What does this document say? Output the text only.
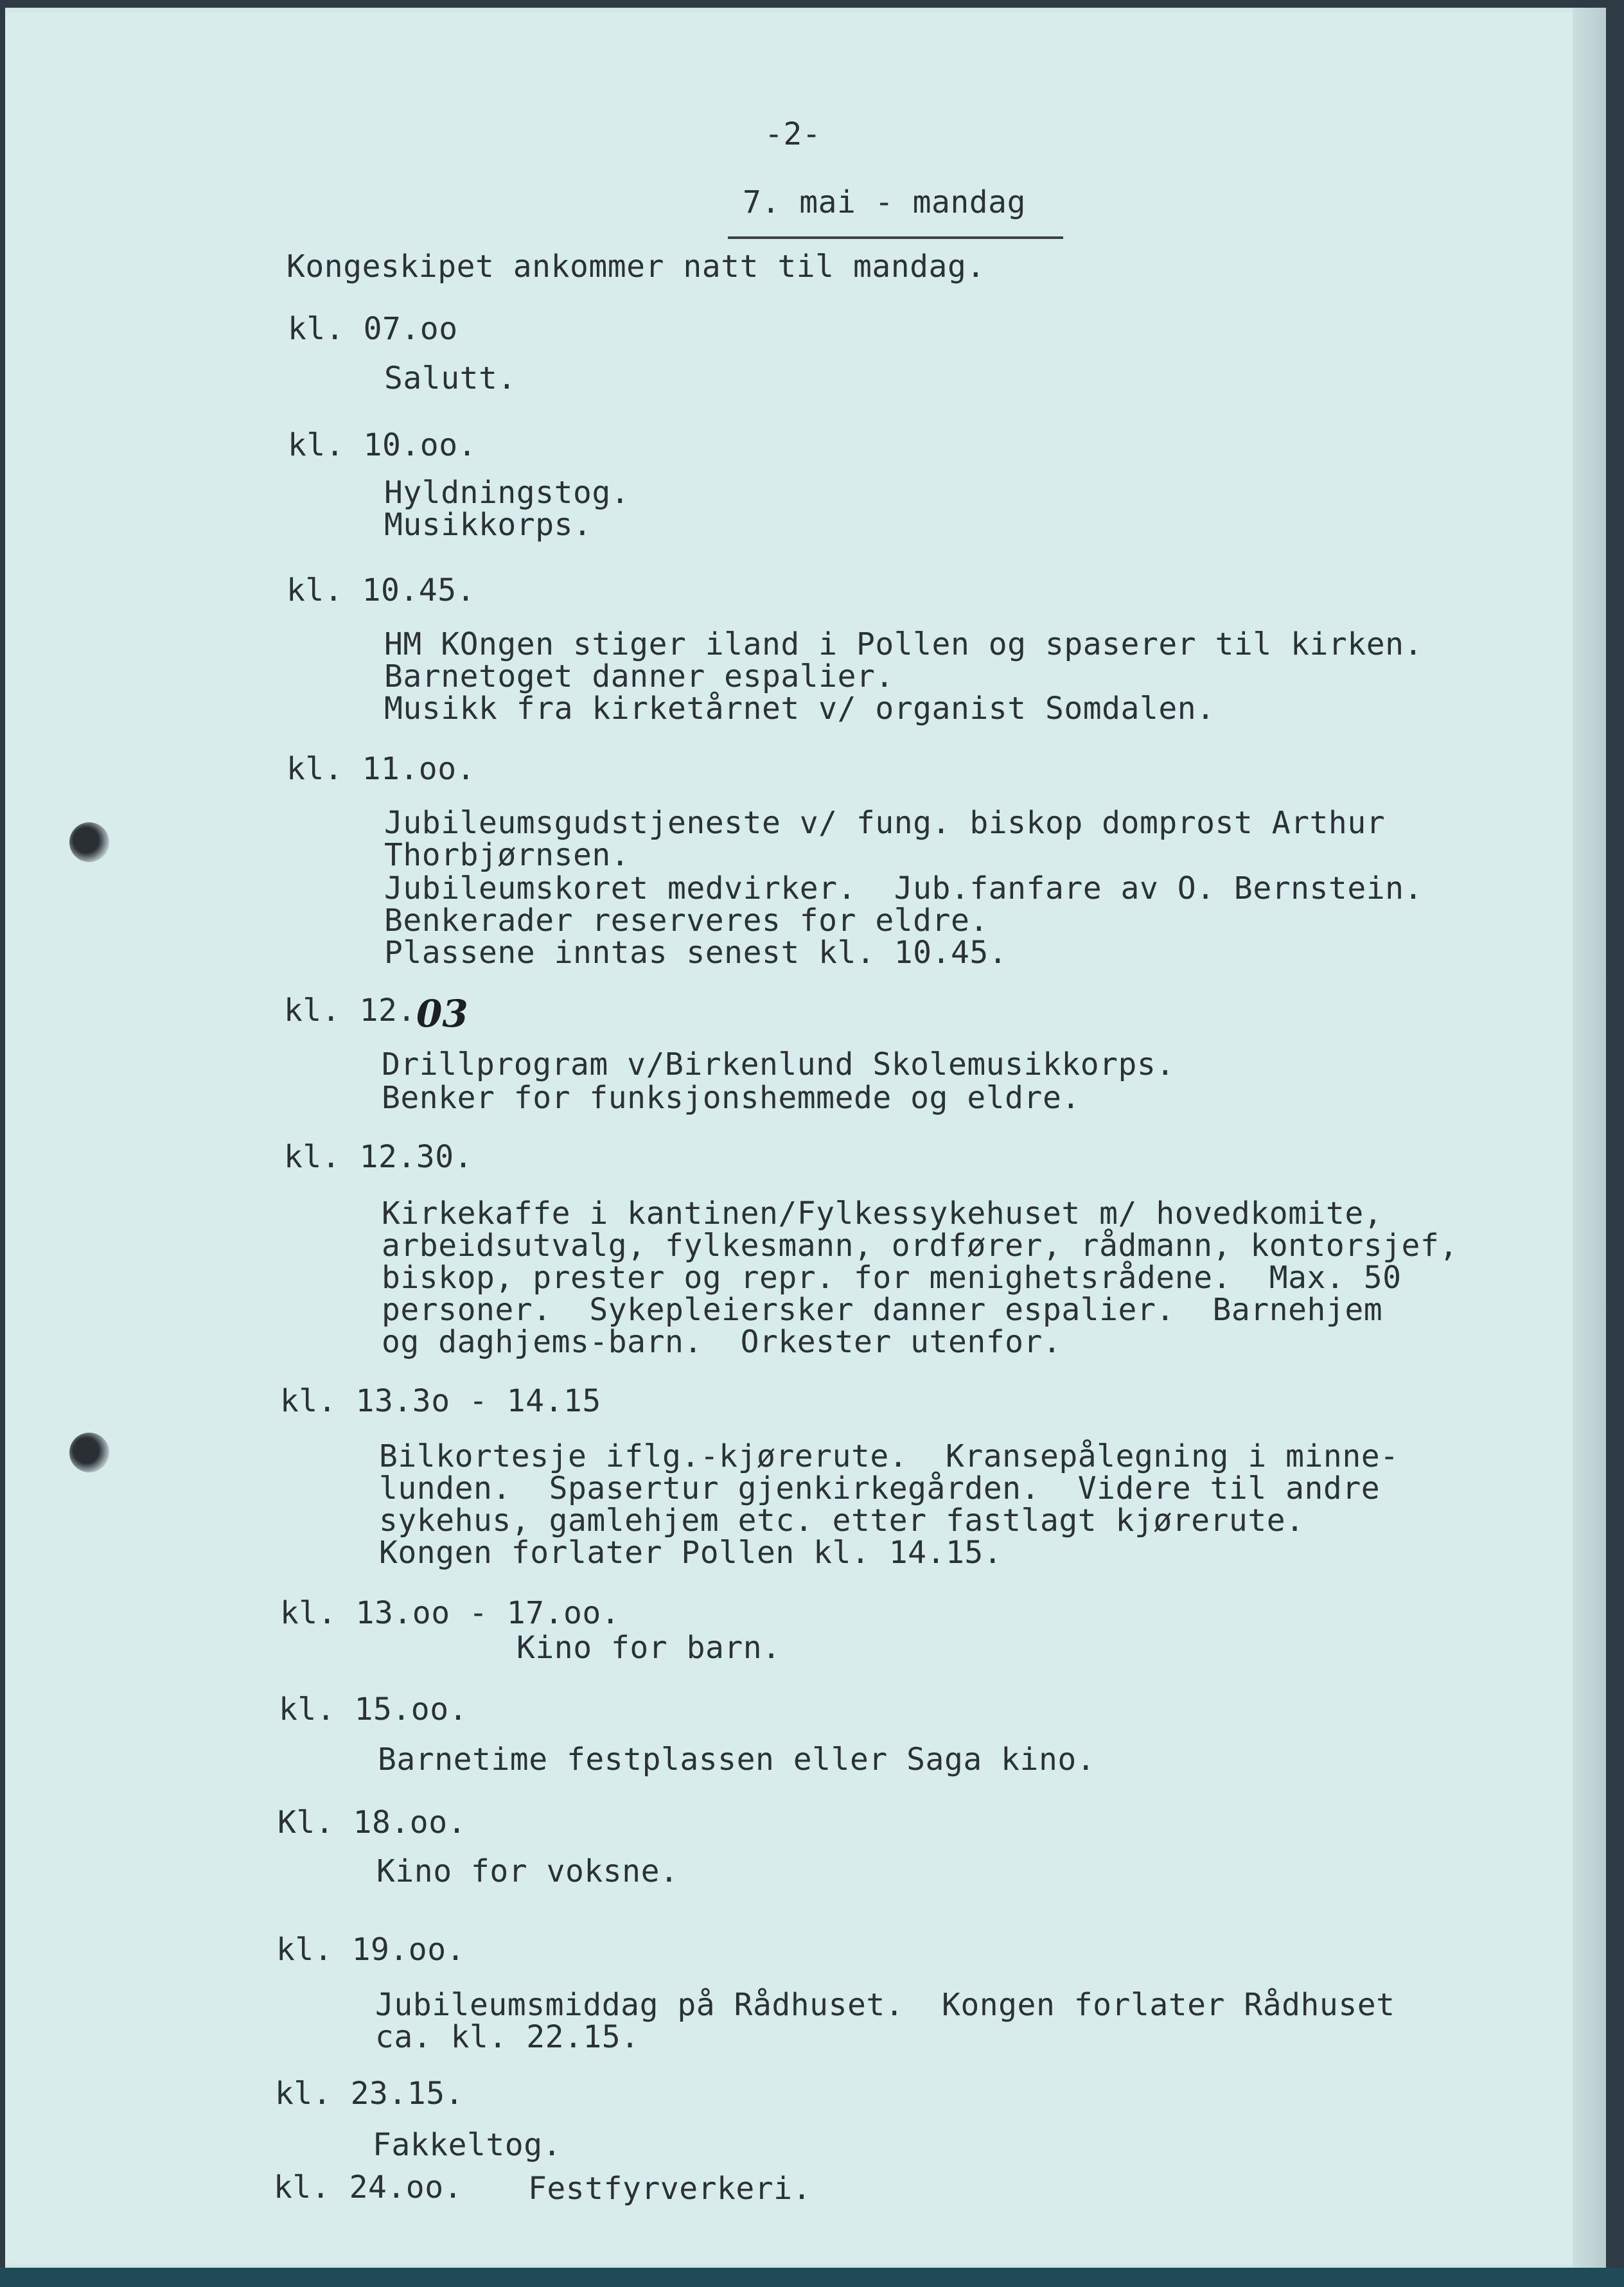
-2-

7. mai - mandag

Kongeskipet ankommer natt til mandag.

kl. 07.oo

Salutt.

kl. 10.oo.

Hyldningstog.

Musikkorps.

kl. 10.45.

HM KOngen stiger iland i Pollen og spaserer til kirken.

Barnetoget danner espalier.

Musikk fra kirketårnet v/ organist Somdalen.

kl. 11.oo.

Jubileumsgudstjeneste v/ fung. biskop domprost Arthur

Thorbjørnsen.

Jubileumskoret medvirker.  Jub.fanfare av O. Bernstein.

Benkerader reserveres for eldre.

Plassene inntas senest kl. 10.45.

kl. 12. 03

Drillprogram v/Birkenlund Skolemusikkorps.

Benker for funksjonshemmede og eldre.

kl. 12.30.

Kirkekaffe i kantinen/Fylkessykehuset m/ hovedkomite,

arbeidsutvalg, fylkesmann, ordfører, rådmann, kontorsjef,

biskop, prester og repr. for menighetsrådene.  Max. 50

personer.  Sykepleiersker danner espalier.  Barnehjem

og daghjems-barn.  Orkester utenfor.

kl. 13.3o - 14.15

Bilkortesje iflg.-kjørerute.  Kransepålegning i minne-

lunden.  Spasertur gjenkirkegården.  Videre til andre

sykehus, gamlehjem etc. etter fastlagt kjørerute.

Kongen forlater Pollen kl. 14.15.

kl. 13.oo - 17.oo.

Kino for barn.

kl. 15.oo.

Barnetime festplassen eller Saga kino.

Kl. 18.oo.

Kino for voksne.

kl. 19.oo.

Jubileumsmiddag på Rådhuset.  Kongen forlater Rådhuset

ca. kl. 22.15.

kl. 23.15.

Fakkeltog.

kl. 24.oo. Festfyrverkeri.
